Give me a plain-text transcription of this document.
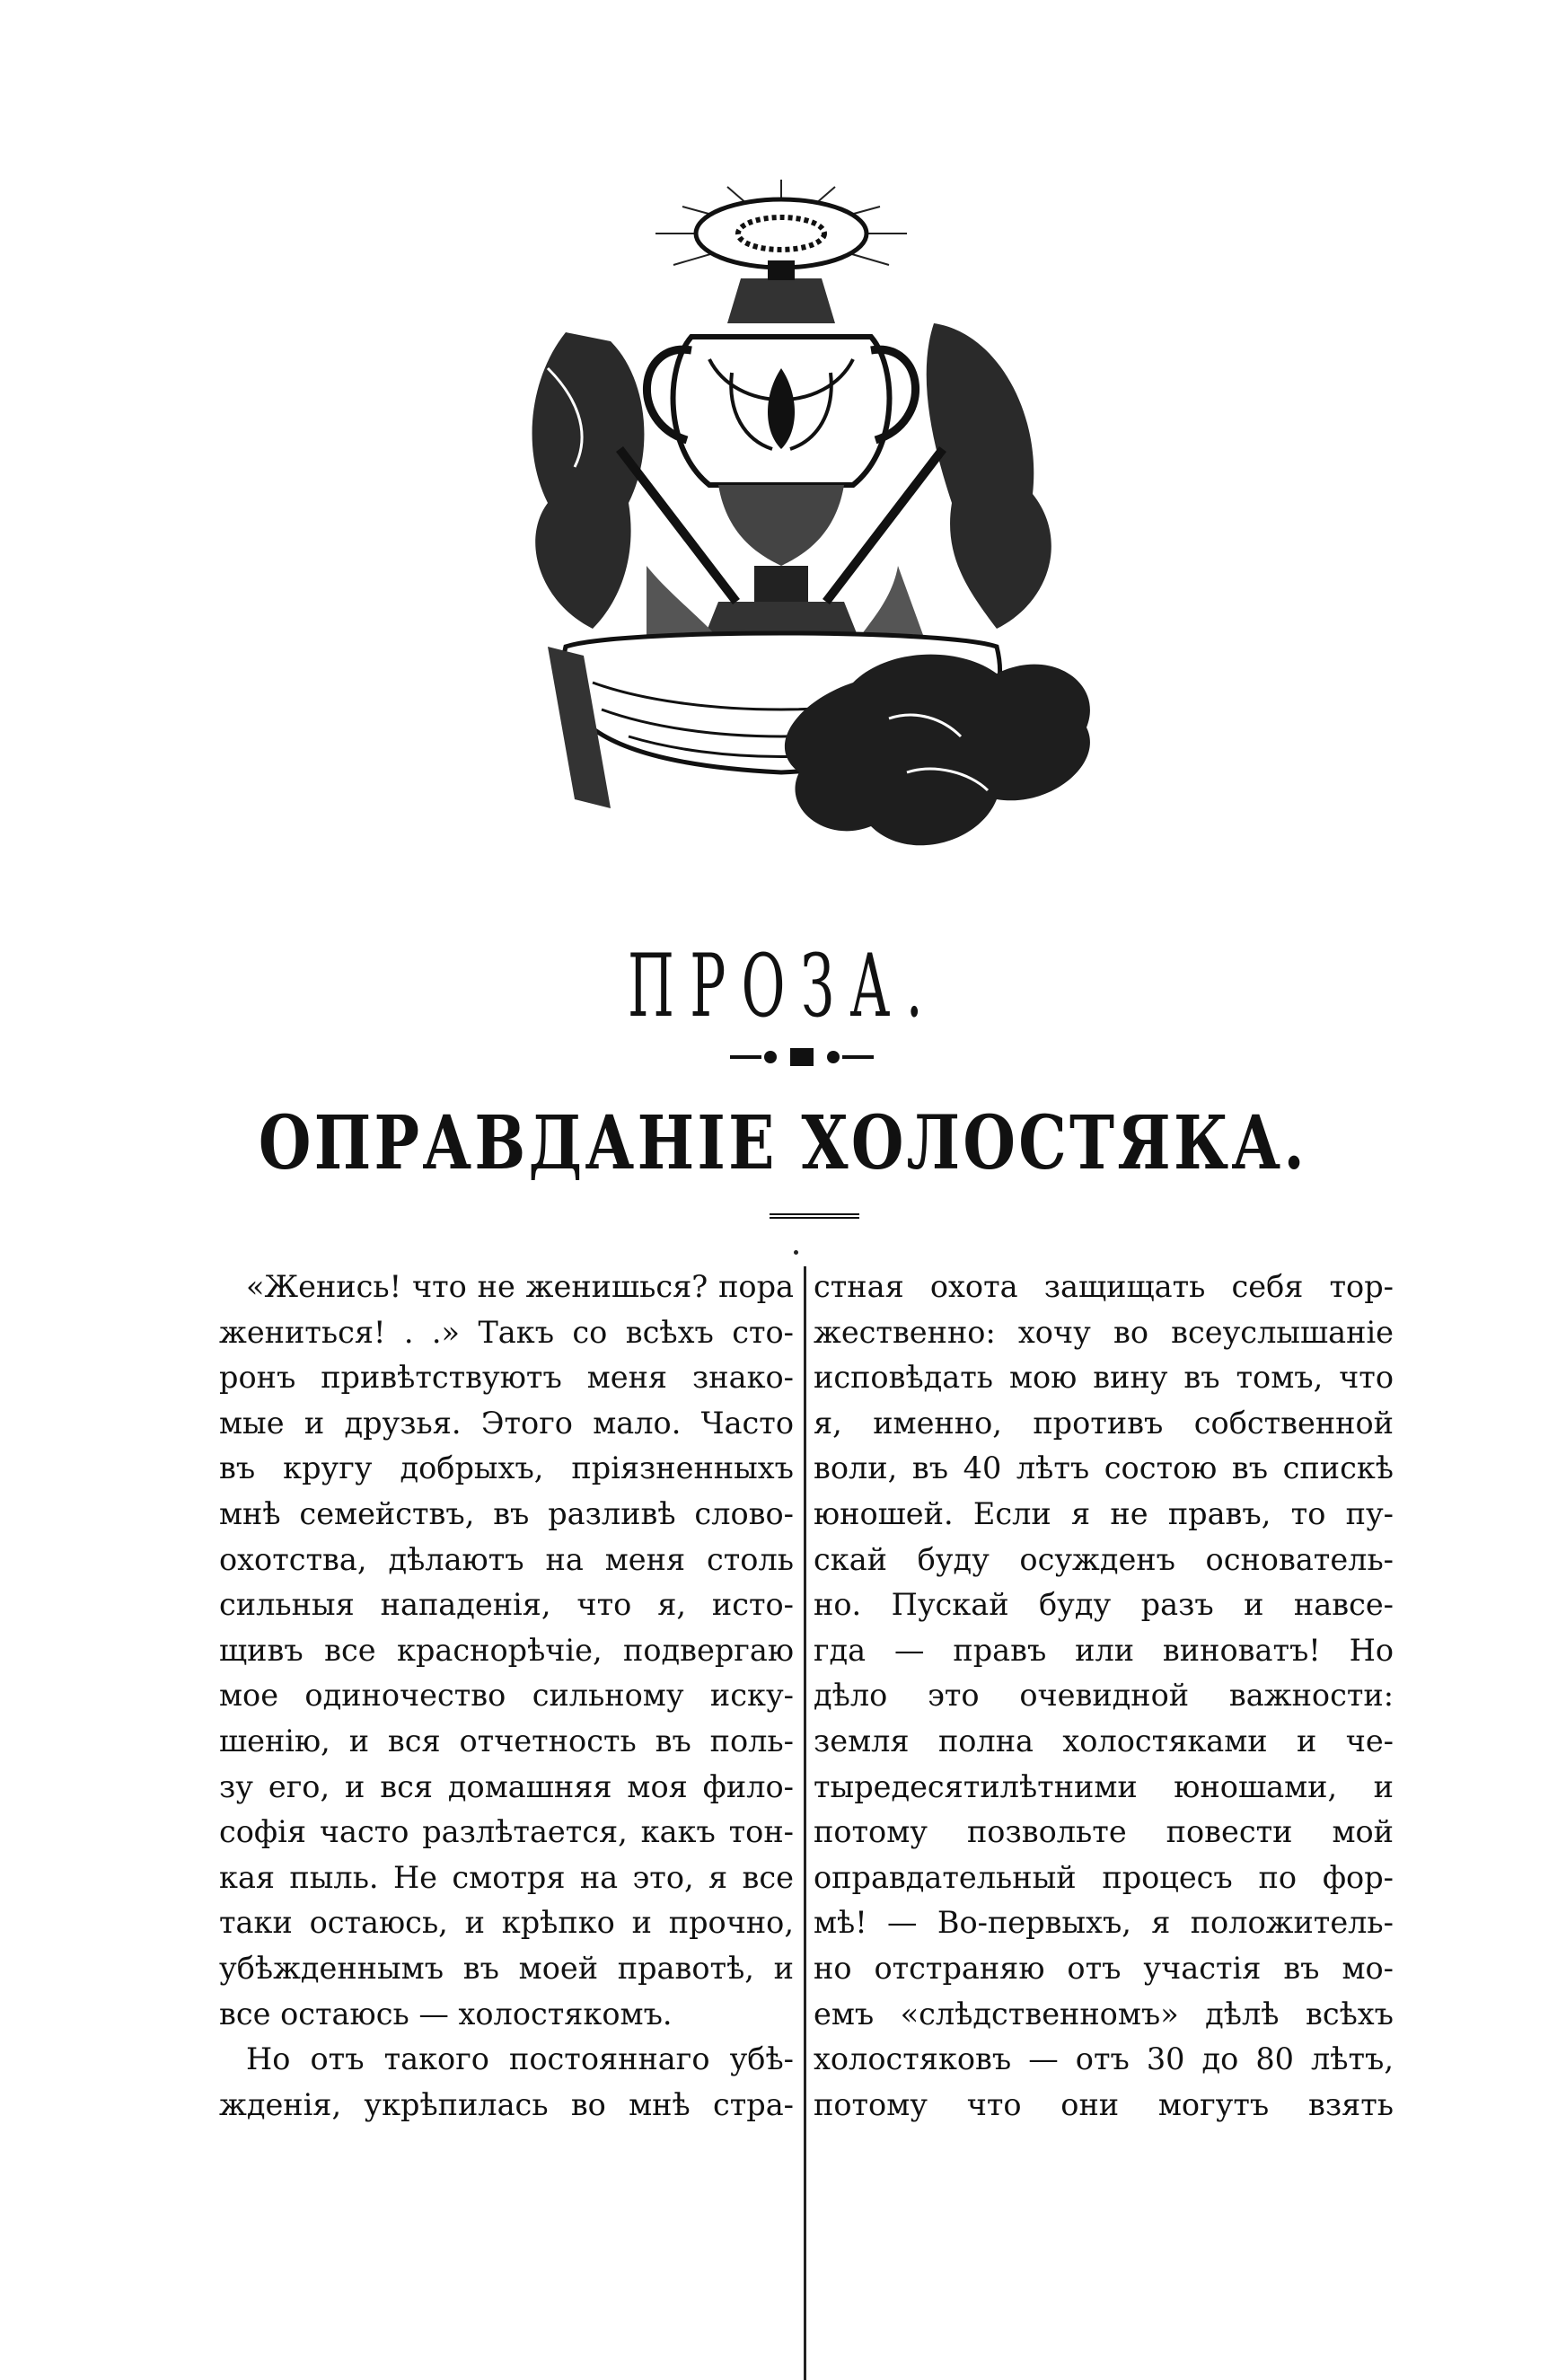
ПРОЗА.
ОПРАВДАНІЕ ХОЛОСТЯКА.
«Женись! что не женишься? пора
жениться! . .» Такъ со всѣхъ сто-
ронъ привѣтствуютъ меня знако-
мые и друзья. Этого мало. Часто
въ кругу добрыхъ, пріязненныхъ
мнѣ семействъ, въ разливѣ слово-
охотства, дѣлаютъ на меня столь
сильныя нападенія, что я, исто-
щивъ все краснорѣчіе, подвергаю
мое одиночество сильному иску-
шенію, и вся отчетность въ поль-
зу его, и вся домашняя моя фило-
софія часто разлѣтается, какъ тон-
кая пыль. Не смотря на это, я все
таки остаюсь, и крѣпко и прочно,
убѣжденнымъ въ моей правотѣ, и
все остаюсь — холостякомъ.
Но отъ такого постояннаго убѣ-
жденія, укрѣпилась во мнѣ стра-
стная охота защищать себя тор-
жественно: хочу во всеуслышаніе
исповѣдать мою вину въ томъ, что
я, именно, противъ собственной
воли, въ 40 лѣтъ состою въ спискѣ
юношей. Если я не правъ, то пу-
скай буду осужденъ основатель-
но. Пускай буду разъ и навсе-
гда — правъ или виноватъ! Но
дѣло это очевидной важности:
земля полна холостяками и че-
тыредесятилѣтними юношами, и
потому позвольте повести мой
оправдательный процесъ по фор-
мѣ! — Во-первыхъ, я положитель-
но отстраняю отъ участія въ мо-
емъ «слѣдственномъ» дѣлѣ всѣхъ
холостяковъ — отъ 30 до 80 лѣтъ,
потому что они могутъ взять
